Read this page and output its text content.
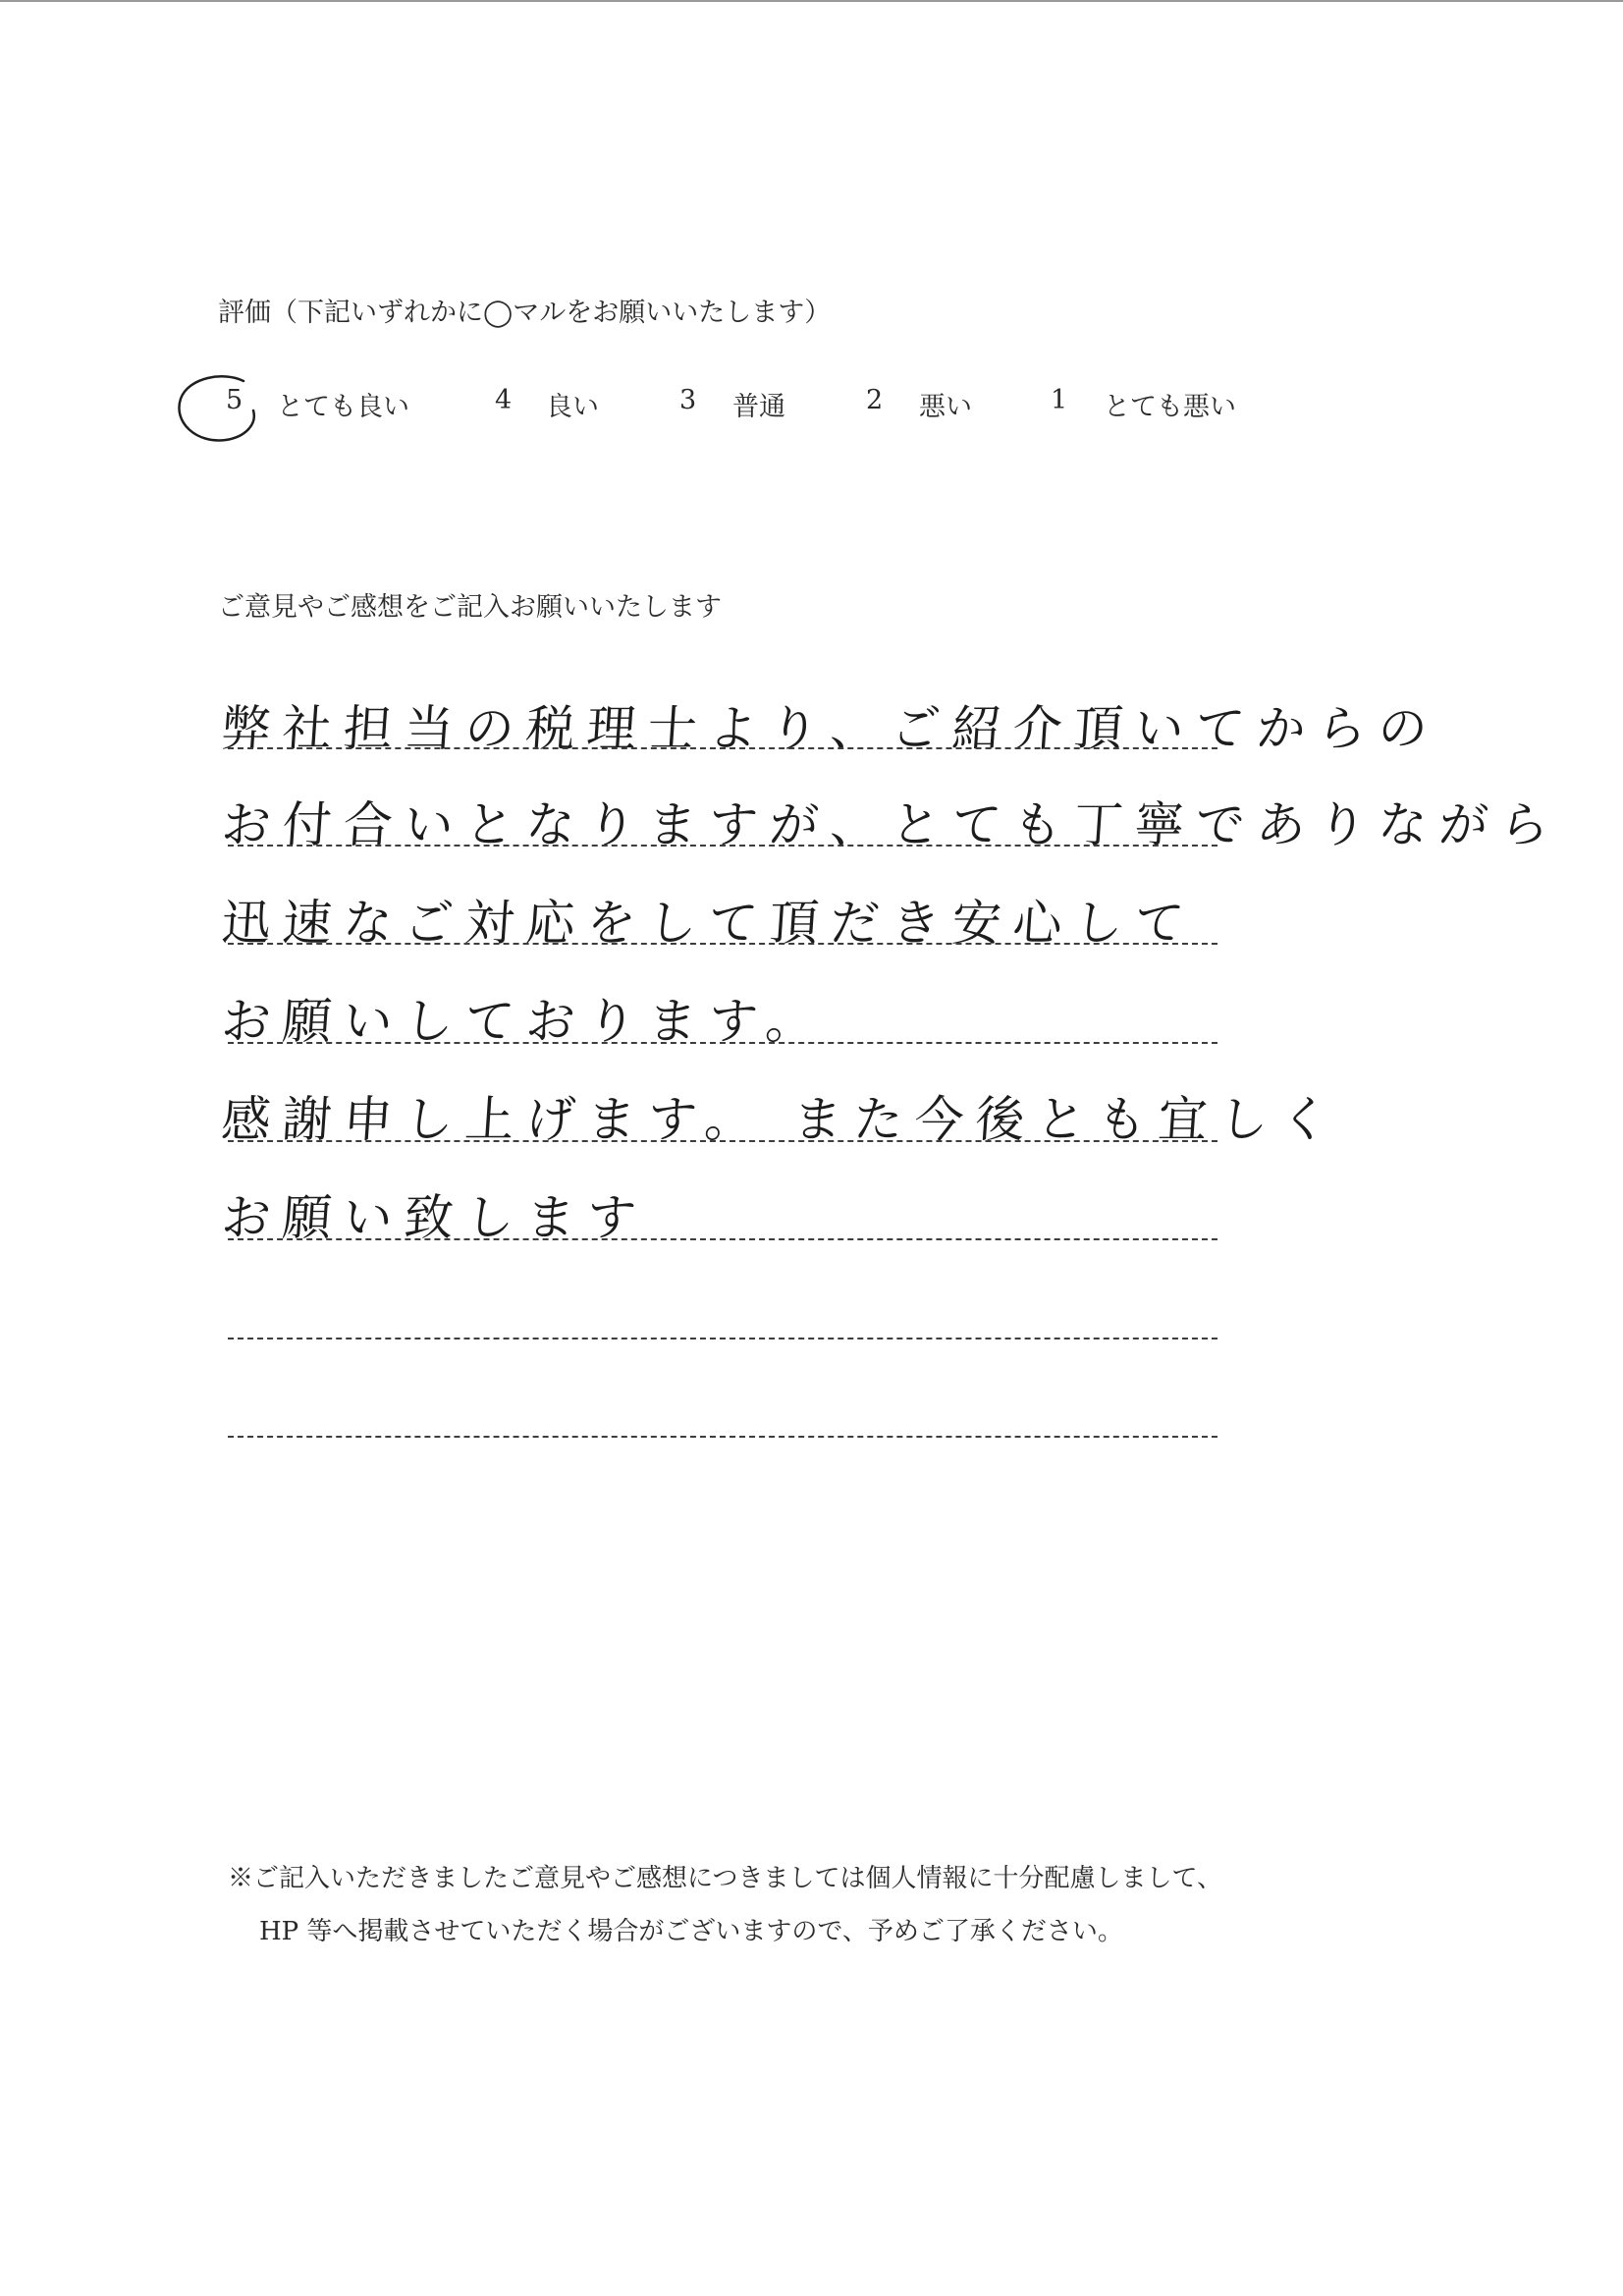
評価（下記いずれかに◯マルをお願いいたします）
5 とても良い	4 良い	3 普通	2 悪い	1 とても悪い
ご意見やご感想をご記入お願いいたします
弊社担当の税理士より、ご紹介頂いてからの
お付合いとなりますが、とても丁寧でありながら
迅速なご対応をして頂だき安心して
お願いしております。
感謝申し上げます。 また今後とも宜しく
お願い致します
※ご記入いただきましたご意見やご感想につきましては個人情報に十分配慮しまして、
HP 等へ掲載させていただく場合がございますので、予めご了承ください。
